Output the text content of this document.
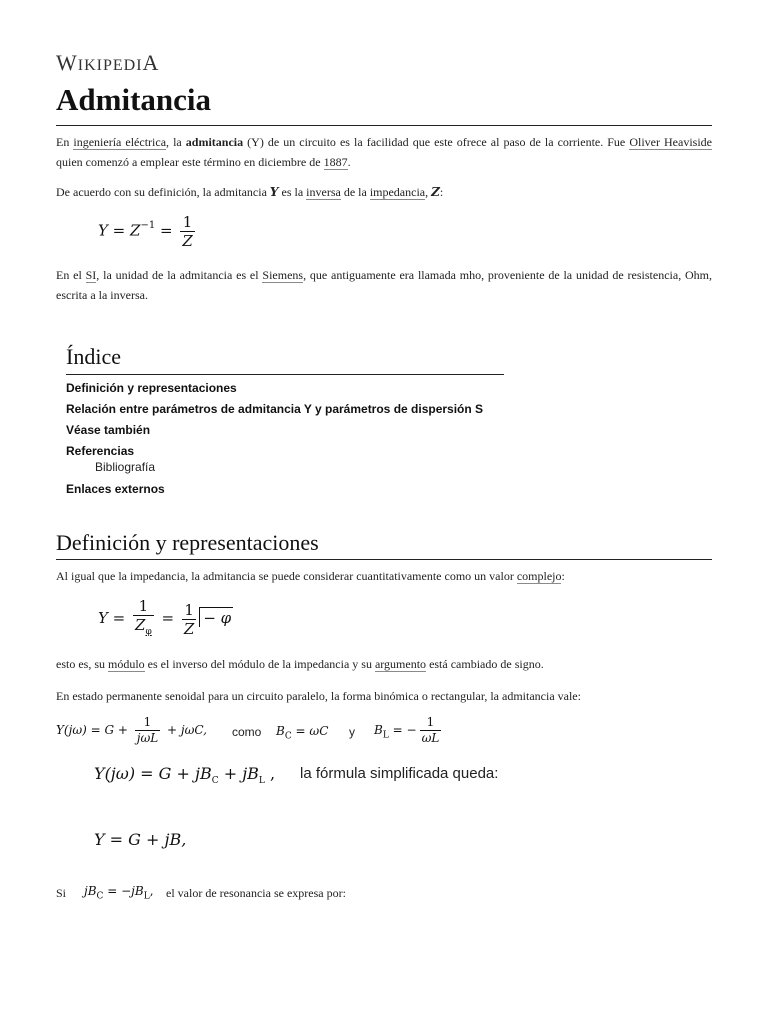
WIKIPEDIA
Admitancia

En ingeniería eléctrica, la admitancia (Y) de un circuito es la facilidad que este ofrece al paso de la corriente. Fue Oliver Heaviside quien comenzó a emplear este término en diciembre de 1887.

De acuerdo con su definición, la admitancia Y es la inversa de la impedancia, Z:

$Y = Z^{-1} = \frac{1}{Z}$

En el SI, la unidad de la admitancia es el Siemens, que antiguamente era llamada mho, proveniente de la unidad de resistencia, Ohm, escrita a la inversa.

Índice
Definición y representaciones
Relación entre parámetros de admitancia Y y parámetros de dispersión S
Véase también
Referencias
Bibliografía
Enlaces externos
Definición y representaciones

Al igual que la impedancia, la admitancia se puede considerar cuantitativamente como un valor complejo:

$Y = \frac{1}{Z_\varphi} = \frac{1}{Z} - \varphi$

esto es, su módulo es el inverso del módulo de la impedancia y su argumento está cambiado de signo.

En estado permanente senoidal para un circuito paralelo, la forma binómica o rectangular, la admitancia vale:

$Y(j\omega) = G + \frac{1}{\text{jωL}} + j\omega C$, como $B_C = \omega C$ y $B_L$ = − $\frac{1}{\omega L}$
$Y(j\omega) = G + jB_C + jB_L$ , la fórmula simplificada queda:
Y = G + jB,
Si $jB_C = -jB_L$, el valor de resonancia se expresa por:
